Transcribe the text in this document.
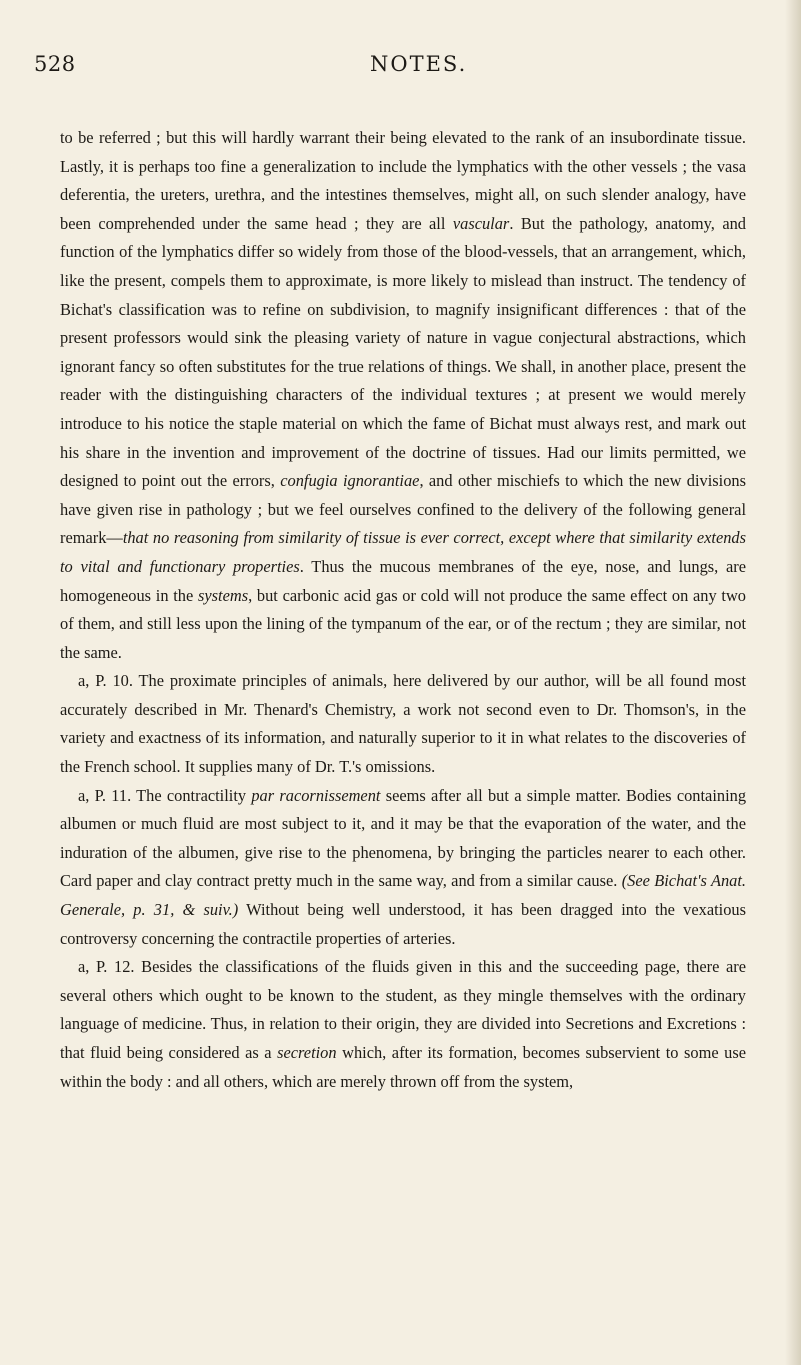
528	NOTES.

to be referred ; but this will hardly warrant their being elevated to the rank of an insubordinate tissue. Lastly, it is perhaps too fine a generalization to include the lymphatics with the other vessels ; the vasa deferentia, the ureters, urethra, and the intestines themselves, might all, on such slender analogy, have been comprehended under the same head ; they are all vascular. But the pathology, anatomy, and function of the lymphatics differ so widely from those of the blood-vessels, that an arrangement, which, like the present, compels them to approximate, is more likely to mislead than instruct. The tendency of Bichat's classification was to refine on subdivision, to magnify insignificant differences : that of the present professors would sink the pleasing variety of nature in vague conjectural abstractions, which ignorant fancy so often substitutes for the true relations of things. We shall, in another place, present the reader with the distinguishing characters of the individual textures ; at present we would merely introduce to his notice the staple material on which the fame of Bichat must always rest, and mark out his share in the invention and improvement of the doctrine of tissues. Had our limits permitted, we designed to point out the errors, confugia ignorantiae, and other mischiefs to which the new divisions have given rise in pathology ; but we feel ourselves confined to the delivery of the following general remark—that no reasoning from similarity of tissue is ever correct, except where that similarity extends to vital and functionary properties. Thus the mucous membranes of the eye, nose, and lungs, are homogeneous in the systems, but carbonic acid gas or cold will not produce the same effect on any two of them, and still less upon the lining of the tympanum of the ear, or of the rectum ; they are similar, not the same.

a, P. 10. The proximate principles of animals, here delivered by our author, will be all found most accurately described in Mr. Thenard's Chemistry, a work not second even to Dr. Thomson's, in the variety and exactness of its information, and naturally superior to it in what relates to the discoveries of the French school. It supplies many of Dr. T.'s omissions.

a, P. 11. The contractility par racornissement seems after all but a simple matter. Bodies containing albumen or much fluid are most subject to it, and it may be that the evaporation of the water, and the induration of the albumen, give rise to the phenomena, by bringing the particles nearer to each other. Card paper and clay contract pretty much in the same way, and from a similar cause. (See Bichat's Anat. Generale, p. 31, & suiv.) Without being well understood, it has been dragged into the vexatious controversy concerning the contractile properties of arteries.

a, P. 12. Besides the classifications of the fluids given in this and the succeeding page, there are several others which ought to be known to the student, as they mingle themselves with the ordinary language of medicine. Thus, in relation to their origin, they are divided into Secretions and Excretions : that fluid being considered as a secretion which, after its formation, becomes subservient to some use within the body : and all others, which are merely thrown off from the system,
